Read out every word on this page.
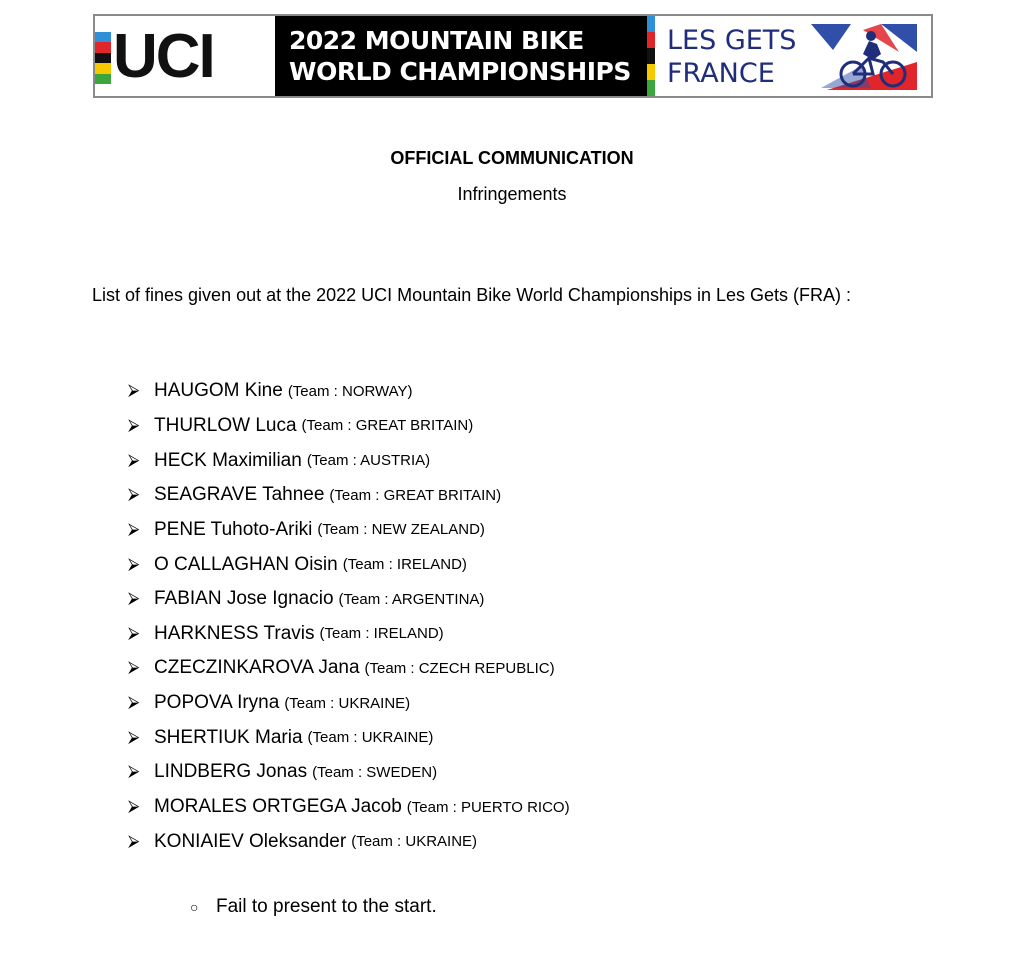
UCI	2022 MOUNTAIN BIKE
WORLD CHAMPIONSHIPS
LES GETS
FRANCE
OFFICIAL COMMUNICATION
Infringements
List of fines given out at the 2022 UCI Mountain Bike World Championships in Les Gets (FRA) :
⮚ HAUGOM Kine (Team : NORWAY)
⮚ THURLOW Luca (Team : GREAT BRITAIN)
⮚ HECK Maximilian (Team : AUSTRIA)
⮚ SEAGRAVE Tahnee (Team : GREAT BRITAIN)
⮚ PENE Tuhoto-Ariki (Team : NEW ZEALAND)
⮚ O CALLAGHAN Oisin (Team : IRELAND)
⮚ FABIAN Jose Ignacio (Team : ARGENTINA)
⮚ HARKNESS Travis (Team : IRELAND)
⮚ CZECZINKAROVA Jana (Team : CZECH REPUBLIC)
⮚ POPOVA Iryna (Team : UKRAINE)
⮚ SHERTIUK Maria (Team : UKRAINE)
⮚ LINDBERG Jonas (Team : SWEDEN)
⮚ MORALES ORTGEGA Jacob (Team : PUERTO RICO)
⮚ KONIAIEV Oleksander (Team : UKRAINE)
○ Fail to present to the start.
